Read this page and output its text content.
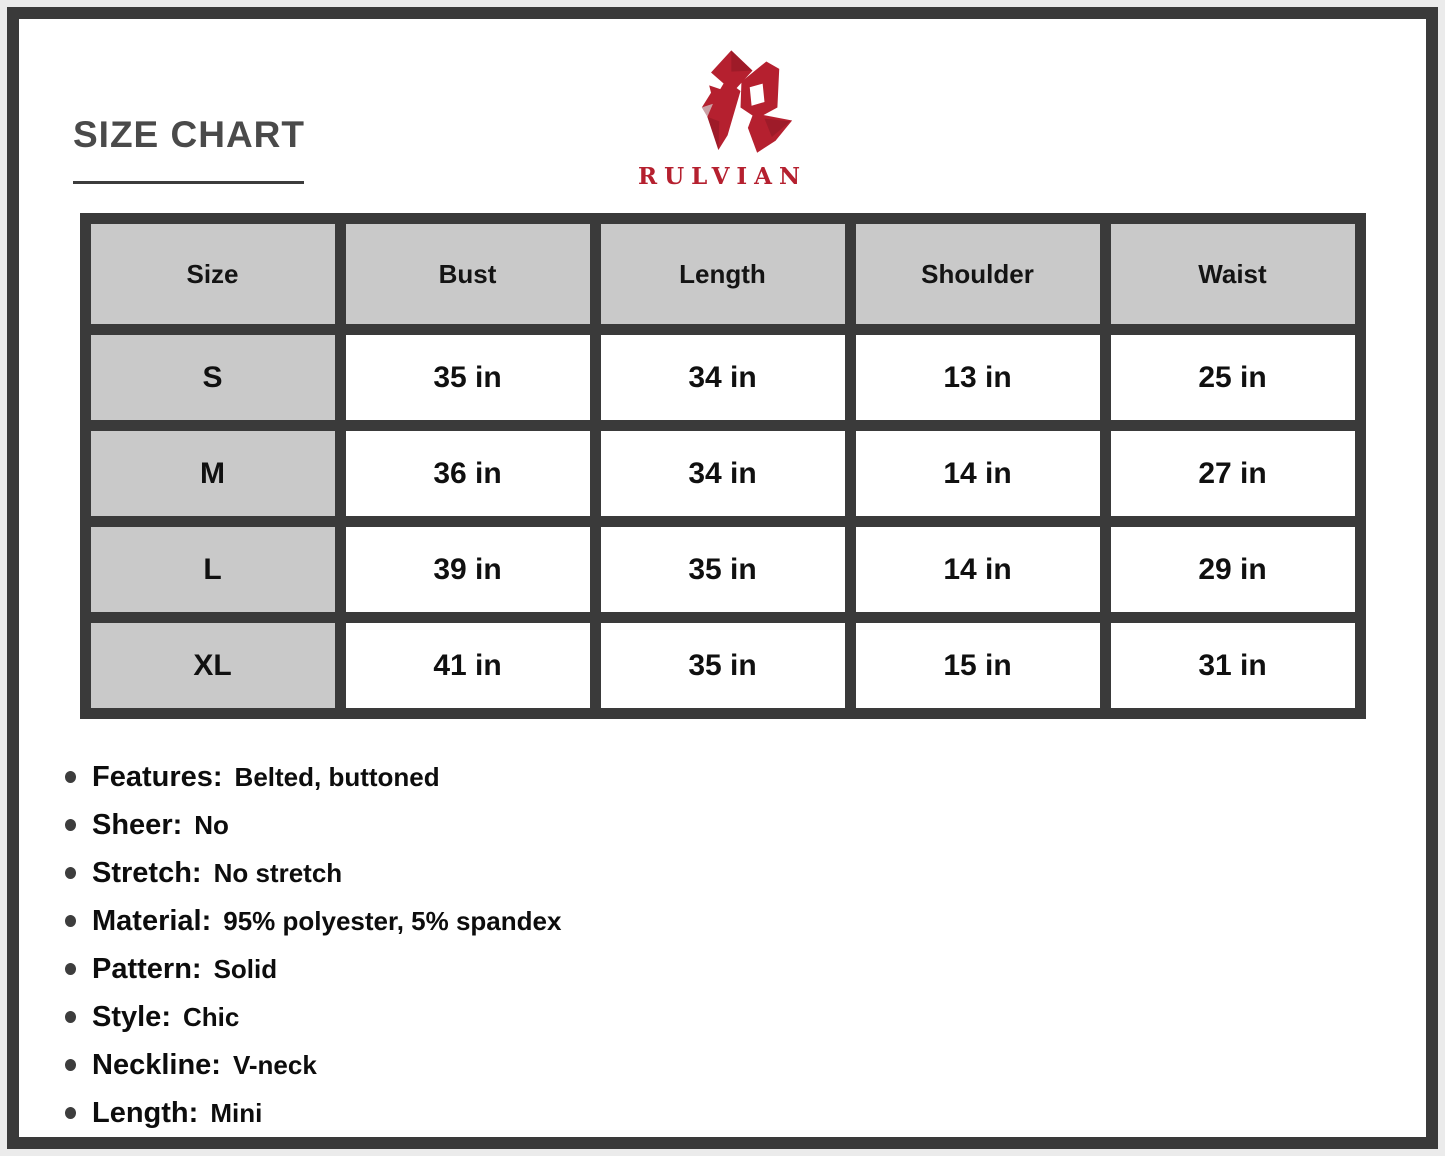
SIZE CHART
RULVIAN
Size	Bust	Length	Shoulder	Waist
S	35 in	34 in	13 in	25 in
M	36 in	34 in	14 in	27 in
L	39 in	35 in	14 in	29 in
XL	41 in	35 in	15 in	31 in
Features: Belted, buttoned
Sheer: No
Stretch: No stretch
Material: 95% polyester, 5% spandex
Pattern: Solid
Style: Chic
Neckline: V-neck
Length: Mini
